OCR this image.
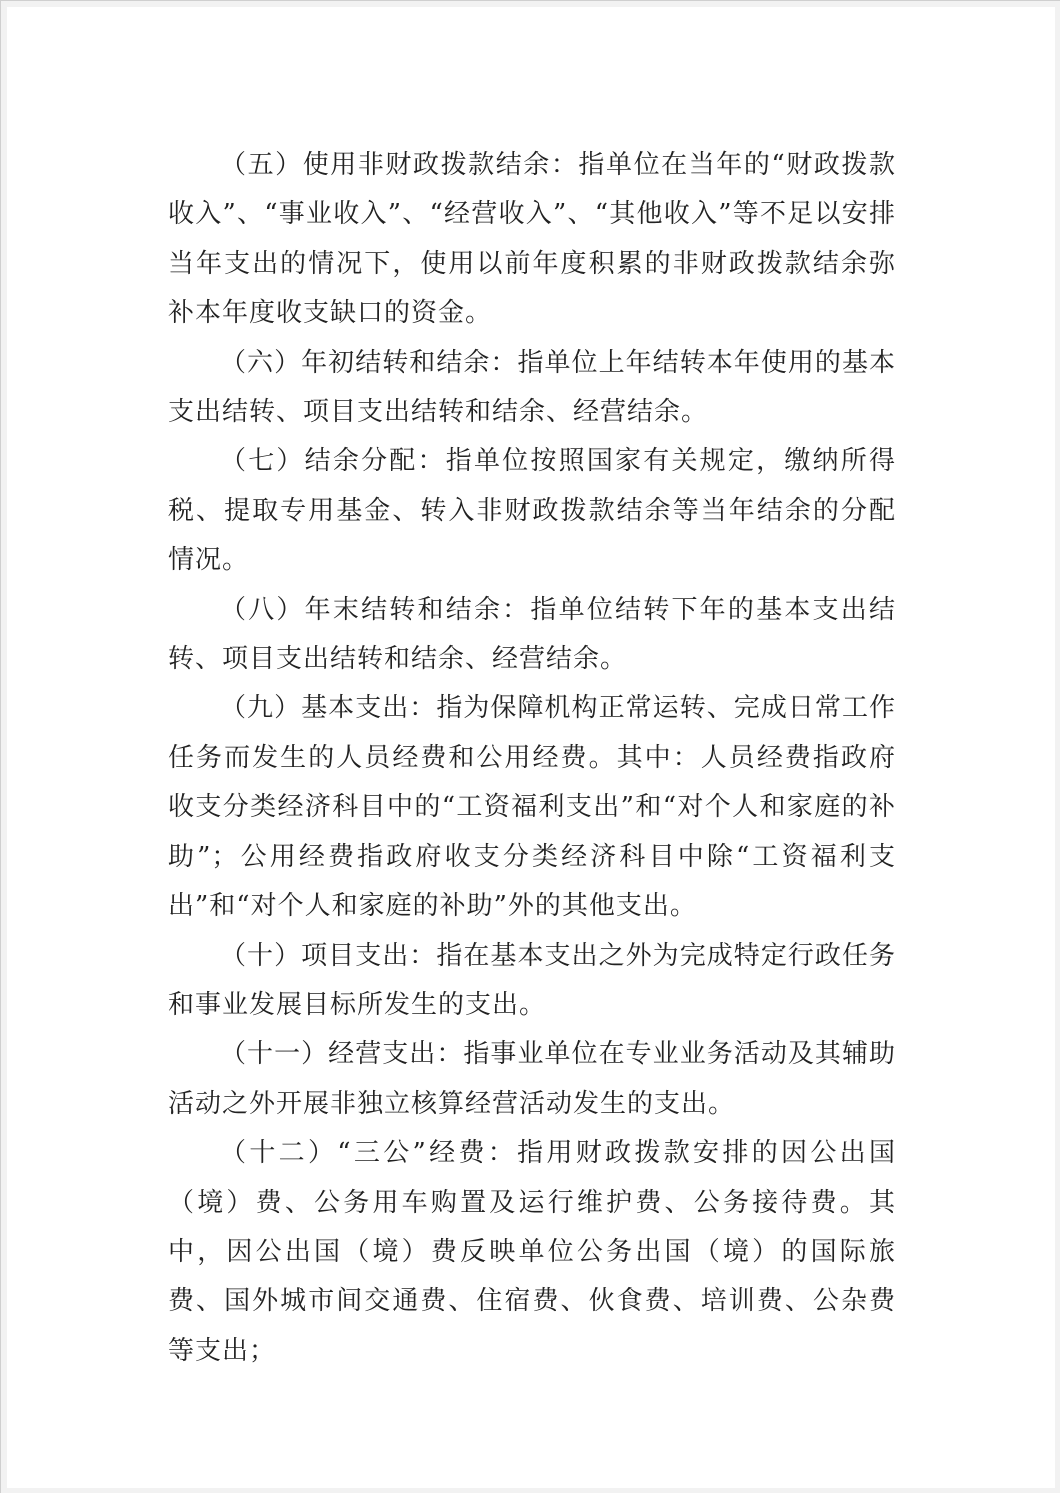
（五）使用非财政拨款结余：指单位在当年的“财政拨款收入”、“事业收入”、“经营收入”、“其他收入”等不足以安排当年支出的情况下，使用以前年度积累的非财政拨款结余弥补本年度收支缺口的资金。

（六）年初结转和结余：指单位上年结转本年使用的基本支出结转、项目支出结转和结余、经营结余。

（七）结余分配：指单位按照国家有关规定，缴纳所得税、提取专用基金、转入非财政拨款结余等当年结余的分配情况。

（八）年末结转和结余：指单位结转下年的基本支出结转、项目支出结转和结余、经营结余。

（九）基本支出：指为保障机构正常运转、完成日常工作任务而发生的人员经费和公用经费。其中：人员经费指政府收支分类经济科目中的“工资福利支出”和“对个人和家庭的补助”；公用经费指政府收支分类经济科目中除“工资福利支出”和“对个人和家庭的补助”外的其他支出。

（十）项目支出：指在基本支出之外为完成特定行政任务和事业发展目标所发生的支出。

（十一）经营支出：指事业单位在专业业务活动及其辅助活动之外开展非独立核算经营活动发生的支出。

（十二）“三公”经费：指用财政拨款安排的因公出国（境）费、公务用车购置及运行维护费、公务接待费。其中，因公出国（境）费反映单位公务出国（境）的国际旅费、国外城市间交通费、住宿费、伙食费、培训费、公杂费等支出；
